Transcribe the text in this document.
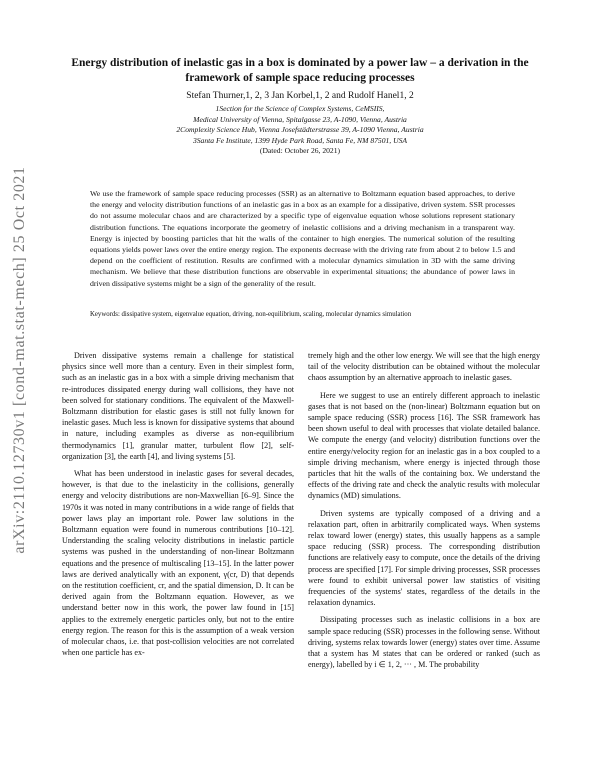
arXiv:2110.12730v1 [cond-mat.stat-mech] 25 Oct 2021
Energy distribution of inelastic gas in a box is dominated by a power law – a derivation in the framework of sample space reducing processes
Stefan Thurner,1, 2, 3 Jan Korbel,1, 2 and Rudolf Hanel1, 2
1Section for the Science of Complex Systems, CeMSIIS,
Medical University of Vienna, Spitalgasse 23, A-1090, Vienna, Austria
2Complexity Science Hub, Vienna Josefstädterstrasse 39, A-1090 Vienna, Austria
3Santa Fe Institute, 1399 Hyde Park Road, Santa Fe, NM 87501, USA
(Dated: October 26, 2021)
We use the framework of sample space reducing processes (SSR) as an alternative to Boltzmann equation based approaches, to derive the energy and velocity distribution functions of an inelastic gas in a box as an example for a dissipative, driven system. SSR processes do not assume molecular chaos and are characterized by a specific type of eigenvalue equation whose solutions represent stationary distribution functions. The equations incorporate the geometry of inelastic collisions and a driving mechanism in a transparent way. Energy is injected by boosting particles that hit the walls of the container to high energies. The numerical solution of the resulting equations yields power laws over the entire energy region. The exponents decrease with the driving rate from about 2 to below 1.5 and depend on the coefficient of restitution. Results are confirmed with a molecular dynamics simulation in 3D with the same driving mechanism. We believe that these distribution functions are observable in experimental situations; the abundance of power laws in driven dissipative systems might be a sign of the generality of the result.
Keywords: dissipative system, eigenvalue equation, driving, non-equilibrium, scaling, molecular dynamics simulation

Driven dissipative systems remain a challenge for statistical physics since well more than a century. Even in their simplest form, such as an inelastic gas in a box with a simple driving mechanism that re-introduces dissipated energy during wall collisions, they have not been solved for stationary conditions. The equivalent of the Maxwell-Boltzmann distribution for elastic gases is still not fully known for inelastic gases. Much less is known for dissipative systems that abound in nature, including examples as diverse as non-equilibrium thermodynamics [1], granular matter, turbulent flow [2], self-organization [3], the earth [4], and living systems [5].

What has been understood in inelastic gases for several decades, however, is that due to the inelasticity in the collisions, generally energy and velocity distributions are non-Maxwellian [6–9]. Since the 1970s it was noted in many contributions in a wide range of fields that power laws play an important role. Power law solutions in the Boltzmann equation were found in numerous contributions [10–12]. Understanding the scaling velocity distributions in inelastic particle systems was pushed in the understanding of non-linear Boltzmann equations and the presence of multiscaling [13–15]. In the latter power laws are derived analytically with an exponent, γ(cr, D) that depends on the restitution coefficient, cr, and the spatial dimension, D. It can be derived again from the Boltzmann equation. However, as we understand better now in this work, the power law found in [15] applies to the extremely energetic particles only, but not to the entire energy region. The reason for this is the assumption of a weak version of molecular chaos, i.e. that post-collision velocities are not correlated when one particle has ex-

tremely high and the other low energy. We will see that the high energy tail of the velocity distribution can be obtained without the molecular chaos assumption by an alternative approach to inelastic gases.

Here we suggest to use an entirely different approach to inelastic gases that is not based on the (non-linear) Boltzmann equation but on sample space reducing (SSR) process [16]. The SSR framework has been shown useful to deal with processes that violate detailed balance. We compute the energy (and velocity) distribution functions over the entire energy/velocity region for an inelastic gas in a box coupled to a simple driving mechanism, where energy is injected through those particles that hit the walls of the containing box. We understand the effects of the driving rate and check the analytic results with molecular dynamics (MD) simulations.

Driven systems are typically composed of a driving and a relaxation part, often in arbitrarily complicated ways. When systems relax toward lower (energy) states, this usually happens as a sample space reducing (SSR) process. The corresponding distribution functions are relatively easy to compute, once the details of the driving process are specified [17]. For simple driving processes, SSR processes were found to exhibit universal power law statistics of visiting frequencies of the systems' states, regardless of the details in the relaxation dynamics.

Dissipating processes such as inelastic collisions in a box are sample space reducing (SSR) processes in the following sense. Without driving, systems relax towards lower (energy) states over time. Assume that a system has M states that can be ordered or ranked (such as energy), labelled by i ∈ 1, 2, ··· , M. The probability
